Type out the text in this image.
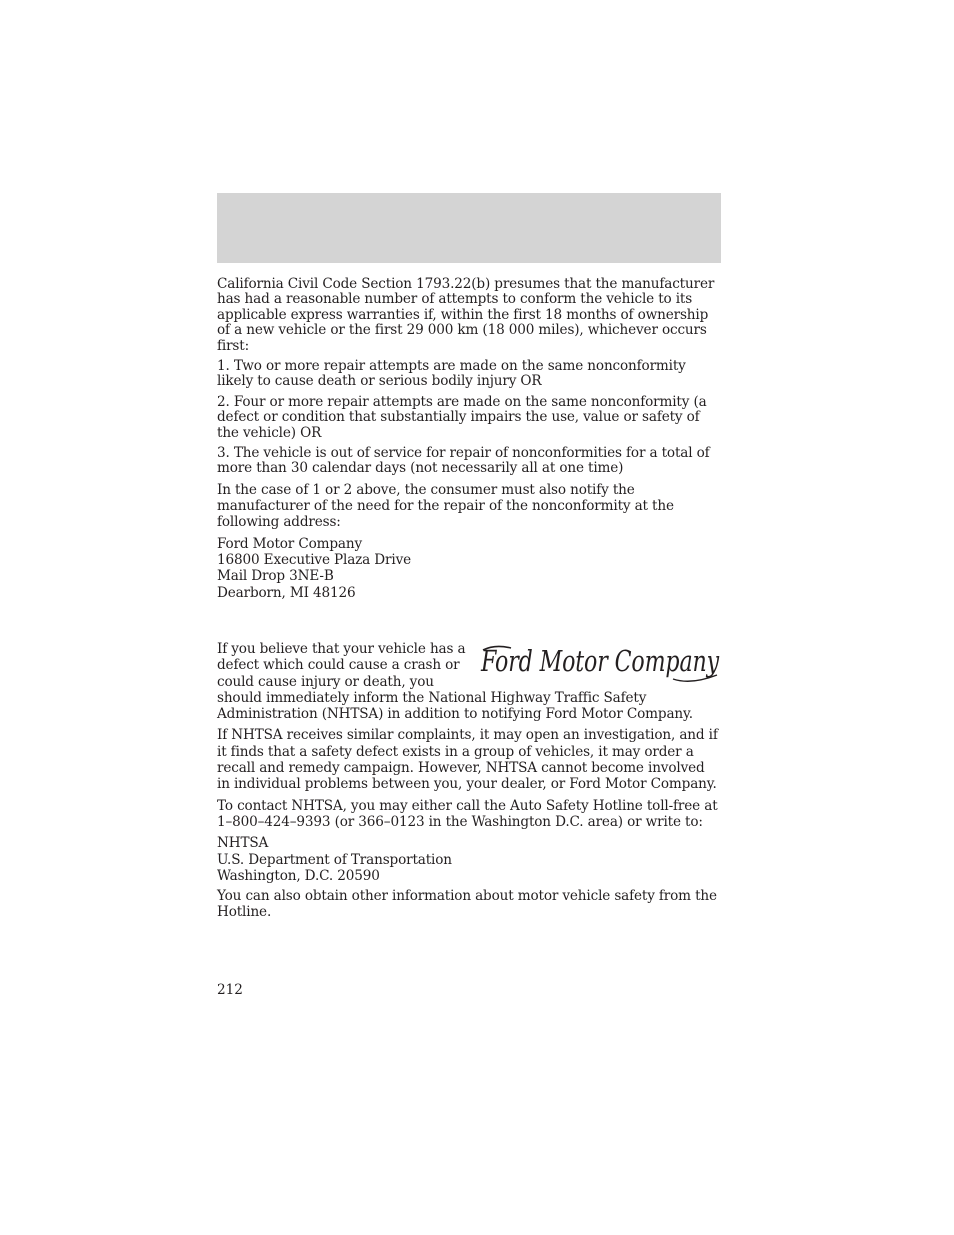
California Civil Code Section 1793.22(b) presumes that the manufacturer has had a reasonable number of attempts to conform the vehicle to its applicable express warranties if, within the first 18 months of ownership of a new vehicle or the first 29 000 km (18 000 miles), whichever occurs first:

1. Two or more repair attempts are made on the same nonconformity likely to cause death or serious bodily injury OR

2. Four or more repair attempts are made on the same nonconformity (a defect or condition that substantially impairs the use, value or safety of the vehicle) OR

3. The vehicle is out of service for repair of nonconformities for a total of more than 30 calendar days (not necessarily all at one time)

In the case of 1 or 2 above, the consumer must also notify the manufacturer of the need for the repair of the nonconformity at the following address:

Ford Motor Company
16800 Executive Plaza Drive
Mail Drop 3NE-B
Dearborn, MI 48126

Ford Motor Company

If you believe that your vehicle has a defect which could cause a crash or could cause injury or death, you should immediately inform the National Highway Traffic Safety Administration (NHTSA) in addition to notifying Ford Motor Company.

If NHTSA receives similar complaints, it may open an investigation, and if it finds that a safety defect exists in a group of vehicles, it may order a recall and remedy campaign. However, NHTSA cannot become involved in individual problems between you, your dealer, or Ford Motor Company.

To contact NHTSA, you may either call the Auto Safety Hotline toll-free at 1–800–424–9393 (or 366–0123 in the Washington D.C. area) or write to:

NHTSA
U.S. Department of Transportation
Washington, D.C. 20590

You can also obtain other information about motor vehicle safety from the Hotline.

212
